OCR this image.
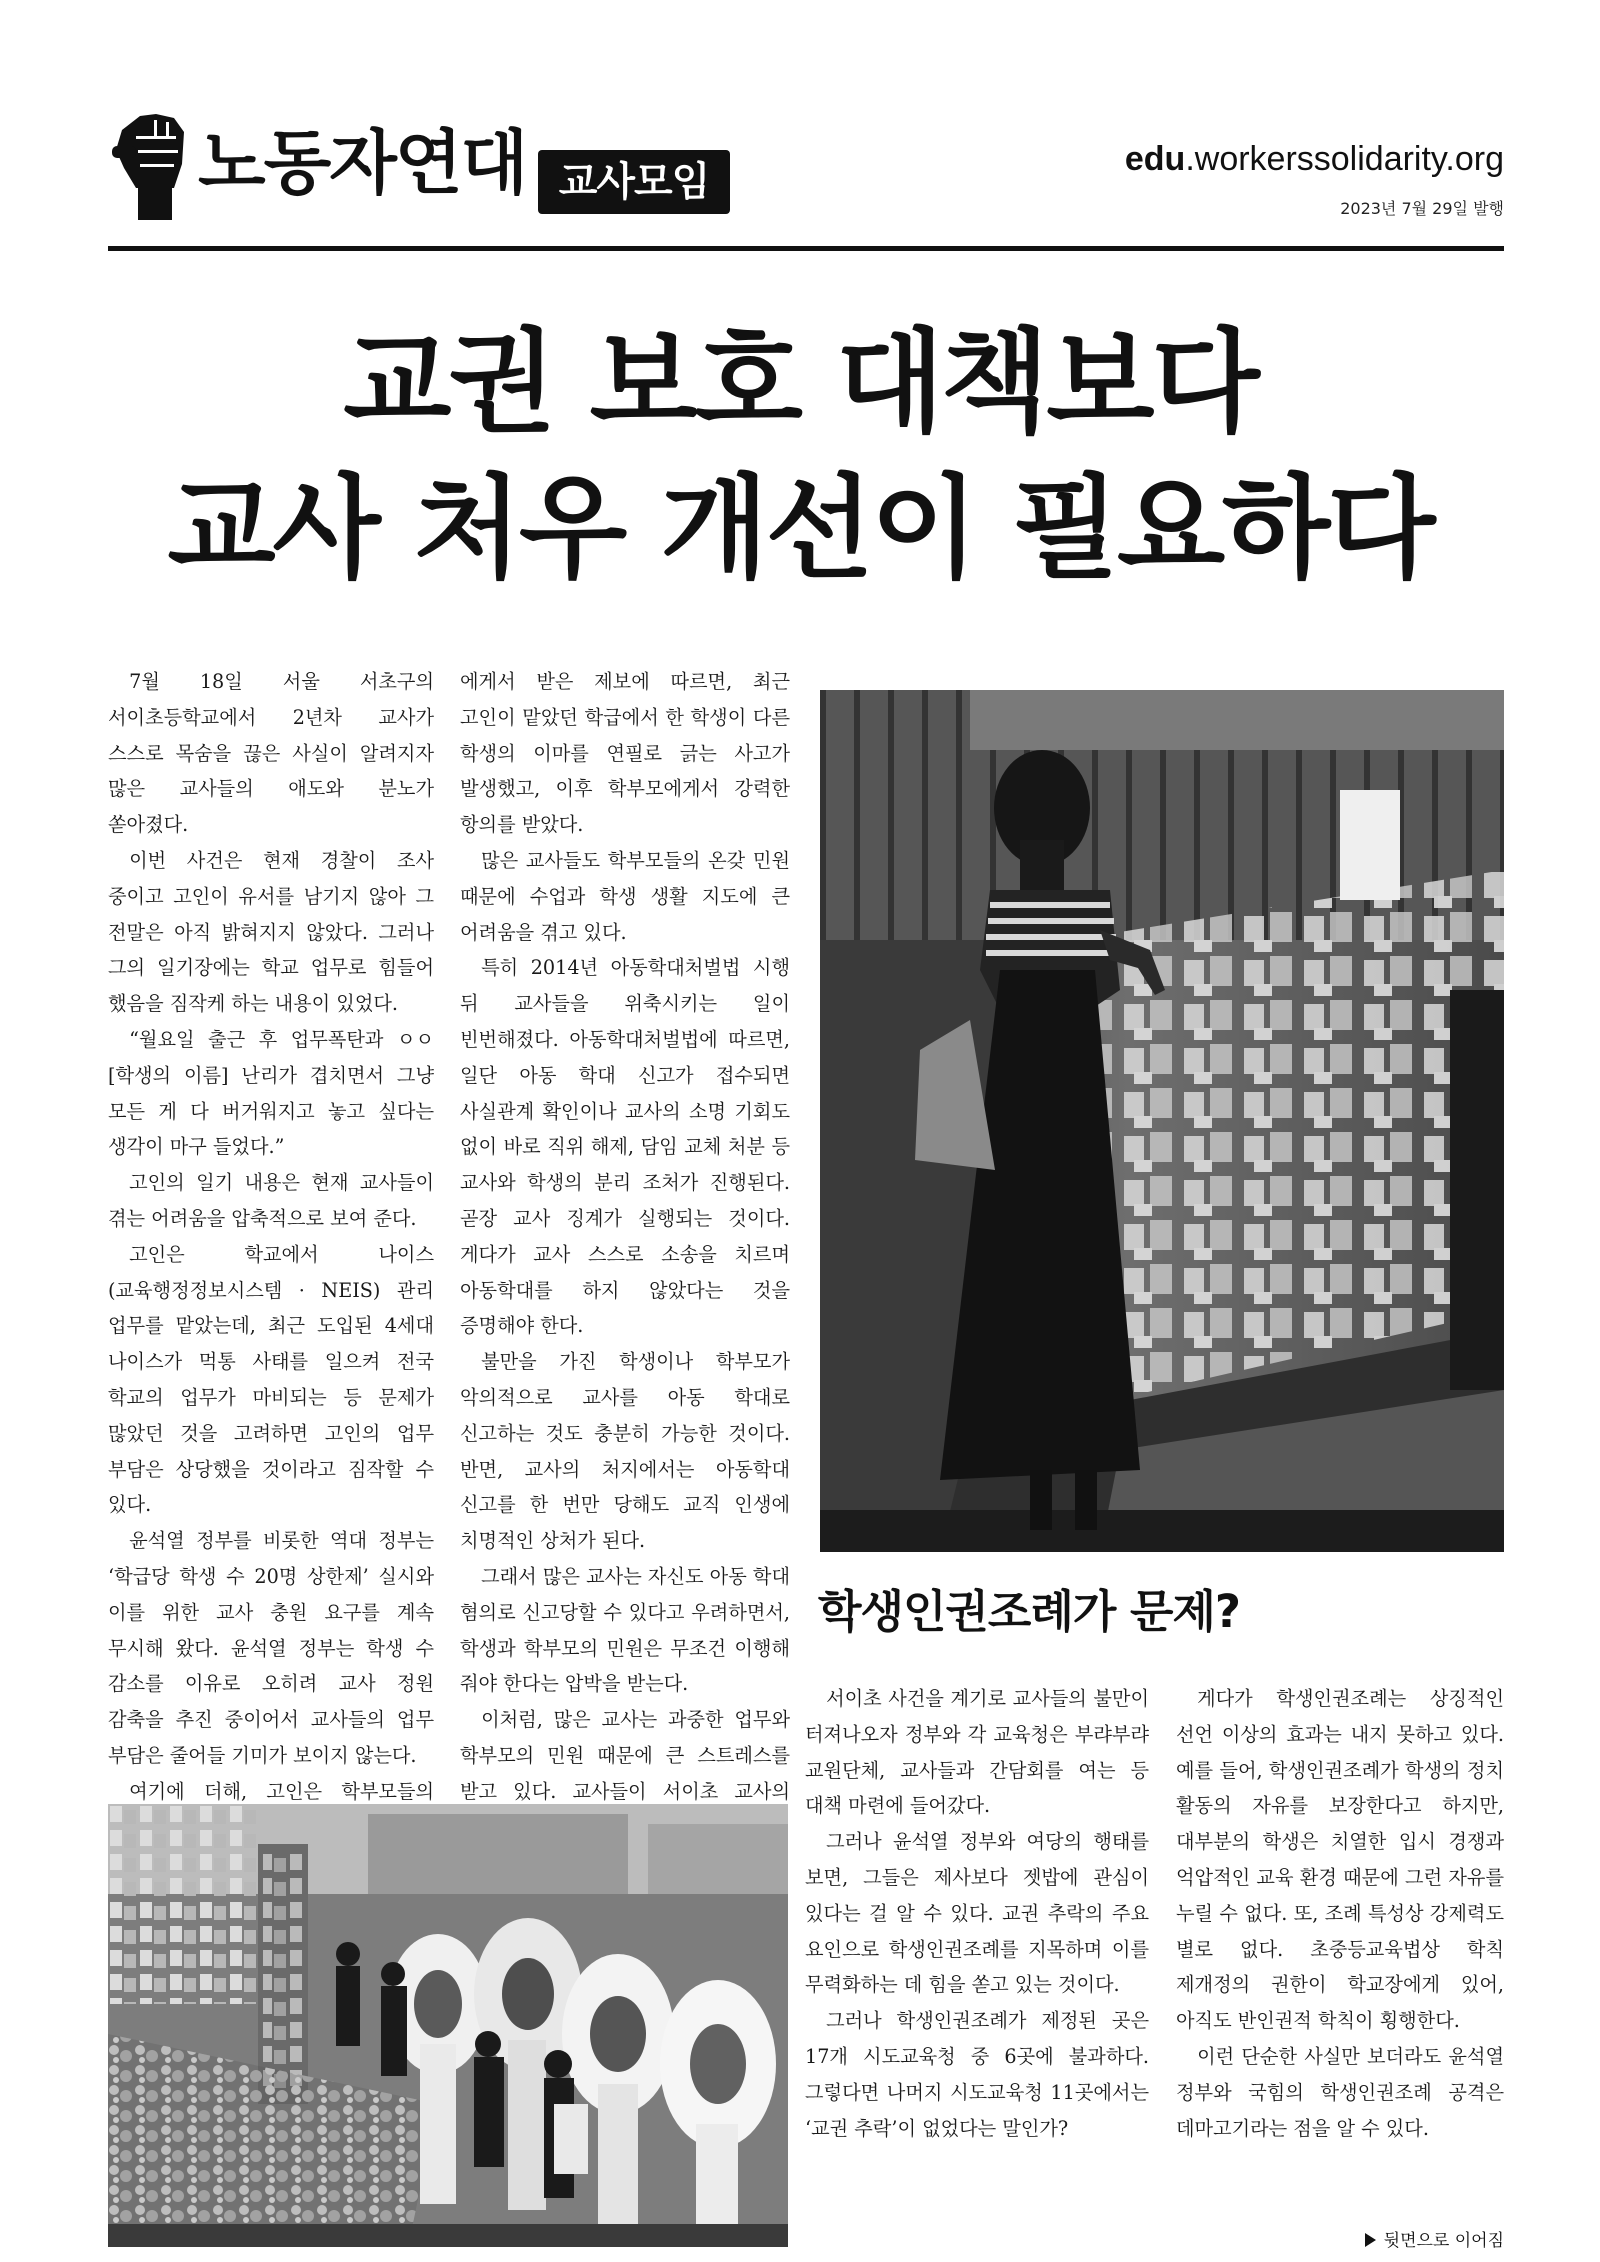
노동자연대 교사모임	edu.workerssolidarity.org
2023년 7월 29일 발행
교권 보호 대책보다
교사 처우 개선이 필요하다

7월 18일 서울 서초구의 서이초등학교에서 2년차 교사가 스스로 목숨을 끊은 사실이 알려지자 많은 교사들의 애도와 분노가 쏟아졌다.

이번 사건은 현재 경찰이 조사 중이고 고인이 유서를 남기지 않아 그 전말은 아직 밝혀지지 않았다. 그러나 그의 일기장에는 학교 업무로 힘들어 했음을 짐작케 하는 내용이 있었다.

“월요일 출근 후 업무폭탄과 ㅇㅇ[학생의 이름] 난리가 겹치면서 그냥 모든 게 다 버거워지고 놓고 싶다는 생각이 마구 들었다.”

고인의 일기 내용은 현재 교사들이 겪는 어려움을 압축적으로 보여 준다.

고인은 학교에서 나이스(교육행정정보시스템 · NEIS) 관리 업무를 맡았는데, 최근 도입된 4세대 나이스가 먹통 사태를 일으켜 전국 학교의 업무가 마비되는 등 문제가 많았던 것을 고려하면 고인의 업무 부담은 상당했을 것이라고 짐작할 수 있다.

윤석열 정부를 비롯한 역대 정부는 ‘학급당 학생 수 20명 상한제’ 실시와 이를 위한 교사 충원 요구를 계속 무시해 왔다. 윤석열 정부는 학생 수 감소를 이유로 오히려 교사 정원 감축을 추진 중이어서 교사들의 업무 부담은 줄어들 기미가 보이지 않는다.

여기에 더해, 고인은 학부모들의

에게서 받은 제보에 따르면, 최근 고인이 맡았던 학급에서 한 학생이 다른 학생의 이마를 연필로 긁는 사고가 발생했고, 이후 학부모에게서 강력한 항의를 받았다.

많은 교사들도 학부모들의 온갖 민원 때문에 수업과 학생 생활 지도에 큰 어려움을 겪고 있다.

특히 2014년 아동학대처벌법 시행 뒤 교사들을 위축시키는 일이 빈번해졌다. 아동학대처벌법에 따르면, 일단 아동 학대 신고가 접수되면 사실관계 확인이나 교사의 소명 기회도 없이 바로 직위 해제, 담임 교체 처분 등 교사와 학생의 분리 조처가 진행된다. 곧장 교사 징계가 실행되는 것이다. 게다가 교사 스스로 소송을 치르며 아동학대를 하지 않았다는 것을 증명해야 한다.

불만을 가진 학생이나 학부모가 악의적으로 교사를 아동 학대로 신고하는 것도 충분히 가능한 것이다. 반면, 교사의 처지에서는 아동학대 신고를 한 번만 당해도 교직 인생에 치명적인 상처가 된다.

그래서 많은 교사는 자신도 아동 학대 혐의로 신고당할 수 있다고 우려하면서, 학생과 학부모의 민원은 무조건 이행해 줘야 한다는 압박을 받는다.

이처럼, 많은 교사는 과중한 업무와 학부모의 민원 때문에 큰 스트레스를 받고 있다. 교사들이 서이초 교사의

학생인권조례가 문제?

서이초 사건을 계기로 교사들의 불만이 터져나오자 정부와 각 교육청은 부랴부랴 교원단체, 교사들과 간담회를 여는 등 대책 마련에 들어갔다.

그러나 윤석열 정부와 여당의 행태를 보면, 그들은 제사보다 젯밥에 관심이 있다는 걸 알 수 있다. 교권 추락의 주요 요인으로 학생인권조례를 지목하며 이를 무력화하는 데 힘을 쏟고 있는 것이다.

그러나 학생인권조례가 제정된 곳은 17개 시도교육청 중 6곳에 불과하다. 그렇다면 나머지 시도교육청 11곳에서는 ‘교권 추락’이 없었다는 말인가?

게다가 학생인권조례는 상징적인 선언 이상의 효과는 내지 못하고 있다. 예를 들어, 학생인권조례가 학생의 정치 활동의 자유를 보장한다고 하지만, 대부분의 학생은 치열한 입시 경쟁과 억압적인 교육 환경 때문에 그런 자유를 누릴 수 없다. 또, 조례 특성상 강제력도 별로 없다. 초중등교육법상 학칙 제개정의 권한이 학교장에게 있어, 아직도 반인권적 학칙이 횡행한다.

이런 단순한 사실만 보더라도 윤석열 정부와 국힘의 학생인권조례 공격은 데마고기라는 점을 알 수 있다.

뒷면으로 이어짐
